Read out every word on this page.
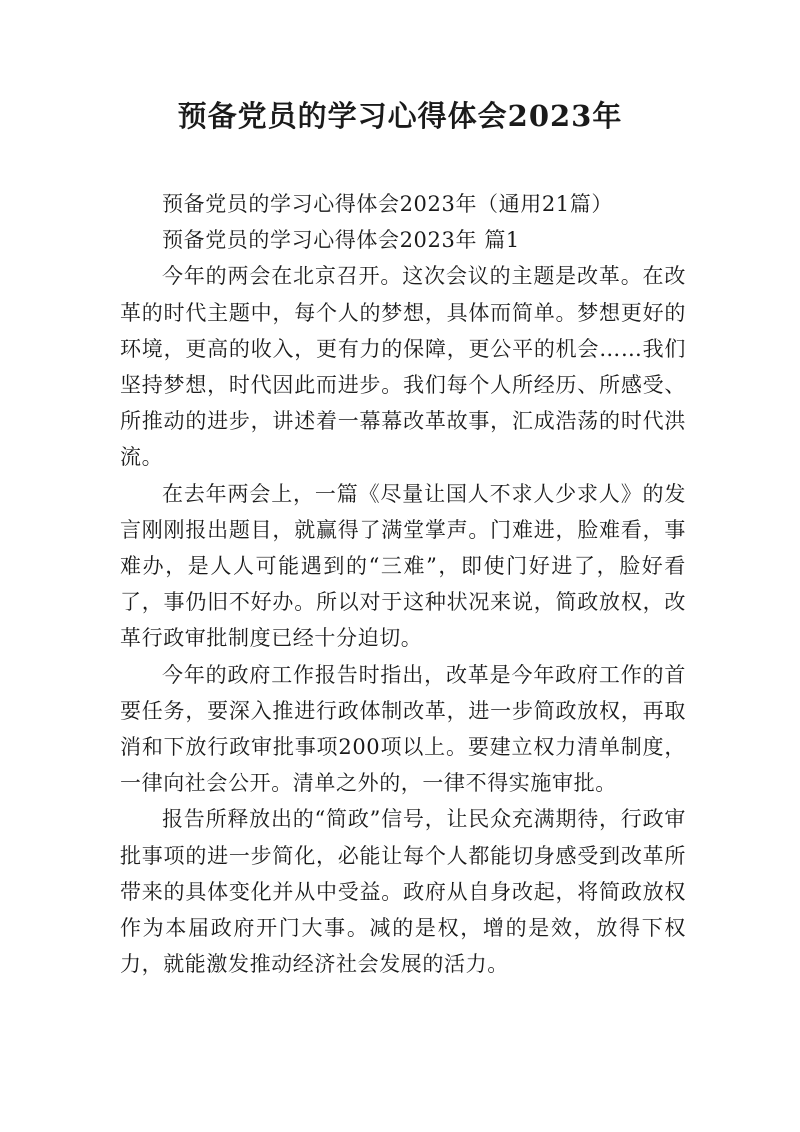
预备党员的学习心得体会2023年

预备党员的学习心得体会2023年（通用21篇）

预备党员的学习心得体会2023年 篇1

今年的两会在北京召开。这次会议的主题是改革。在改革的时代主题中，每个人的梦想，具体而简单。梦想更好的环境，更高的收入，更有力的保障，更公平的机会……我们坚持梦想，时代因此而进步。我们每个人所经历、所感受、所推动的进步，讲述着一幕幕改革故事，汇成浩荡的时代洪流。

在去年两会上，一篇《尽量让国人不求人少求人》的发言刚刚报出题目，就赢得了满堂掌声。门难进，脸难看，事难办，是人人可能遇到的“三难”，即使门好进了，脸好看了，事仍旧不好办。所以对于这种状况来说，简政放权，改革行政审批制度已经十分迫切。

今年的政府工作报告时指出，改革是今年政府工作的首要任务，要深入推进行政体制改革，进一步简政放权，再取消和下放行政审批事项200项以上。要建立权力清单制度，一律向社会公开。清单之外的，一律不得实施审批。

报告所释放出的“简政”信号，让民众充满期待，行政审批事项的进一步简化，必能让每个人都能切身感受到改革所带来的具体变化并从中受益。政府从自身改起，将简政放权作为本届政府开门大事。减的是权，增的是效，放得下权力，就能激发推动经济社会发展的活力。
